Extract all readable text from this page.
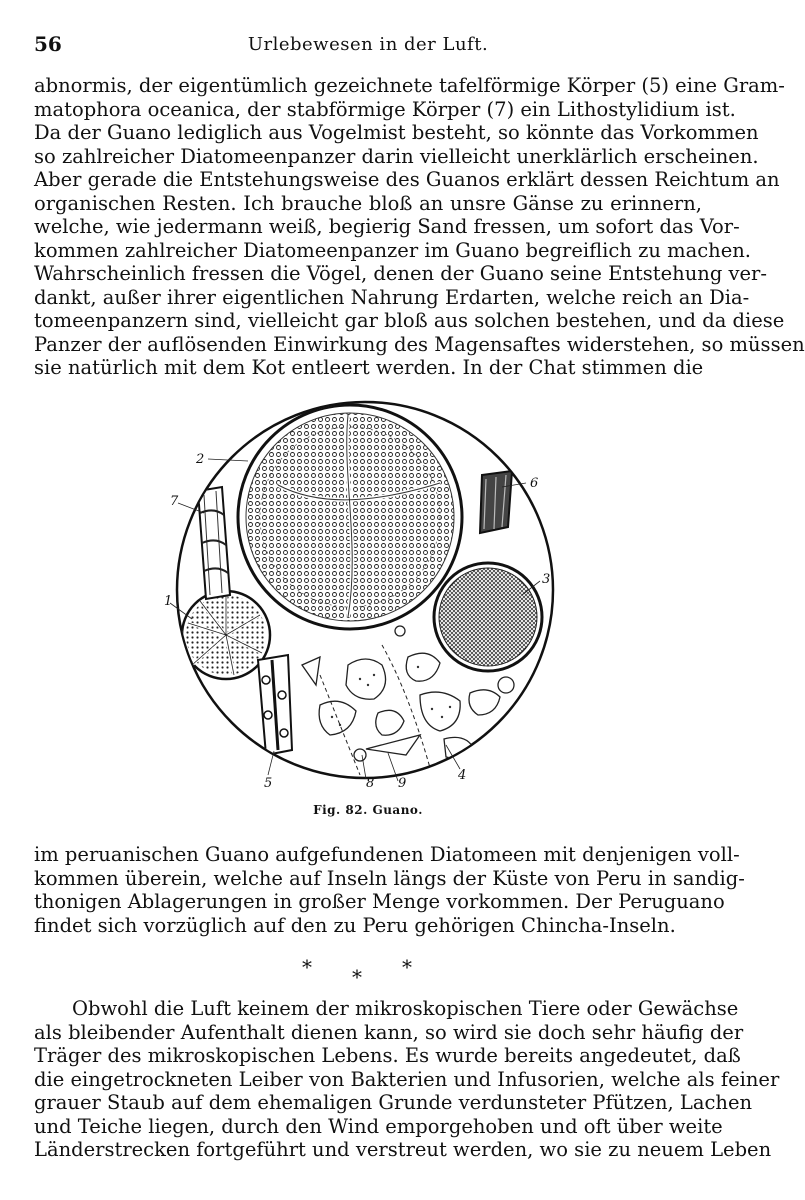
56	Urlebewesen in der Luft.
abnormis, der eigentümlich gezeichnete tafelförmige Körper (5) eine Gram-
matophora oceanica, der stabförmige Körper (7) ein Lithostylidium ist.
Da der Guano lediglich aus Vogelmist besteht, so könnte das Vorkommen
so zahlreicher Diatomeenpanzer darin vielleicht unerklärlich erscheinen.
Aber gerade die Entstehungsweise des Guanos erklärt dessen Reichtum an
organischen Resten. Ich brauche bloß an unsre Gänse zu erinnern,
welche, wie jedermann weiß, begierig Sand fressen, um sofort das Vor-
kommen zahlreicher Diatomeenpanzer im Guano begreiflich zu machen.
Wahrscheinlich fressen die Vögel, denen der Guano seine Entstehung ver-
dankt, außer ihrer eigentlichen Nahrung Erdarten, welche reich an Dia-
tomeenpanzern sind, vielleicht gar bloß aus solchen bestehen, und da diese
Panzer der auflösenden Einwirkung des Magensaftes widerstehen, so müssen
sie natürlich mit dem Kot entleert werden. In der Chat stimmen die
2
7
6
1
3
5	8 9
4
Fig. 82. Guano.
im peruanischen Guano aufgefundenen Diatomeen mit denjenigen voll-
kommen überein, welche auf Inseln längs der Küste von Peru in sandig-
thonigen Ablagerungen in großer Menge vorkommen. Der Peruguano
findet sich vorzüglich auf den zu Peru gehörigen Chincha-Inseln.
* * *
Obwohl die Luft keinem der mikroskopischen Tiere oder Gewächse
als bleibender Aufenthalt dienen kann, so wird sie doch sehr häufig der
Träger des mikroskopischen Lebens. Es wurde bereits angedeutet, daß
die eingetrockneten Leiber von Bakterien und Infusorien, welche als feiner
grauer Staub auf dem ehemaligen Grunde verdunsteter Pfützen, Lachen
und Teiche liegen, durch den Wind emporgehoben und oft über weite
Länderstrecken fortgeführt und verstreut werden, wo sie zu neuem Leben
